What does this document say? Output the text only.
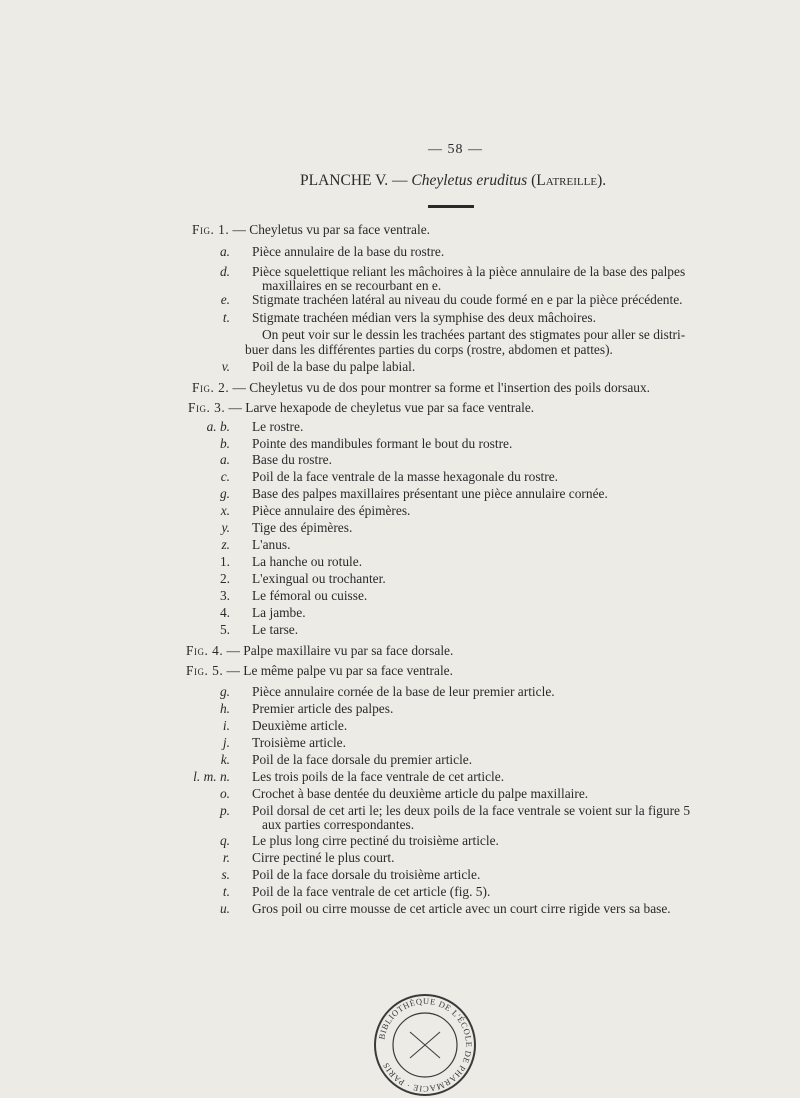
— 58 —
PLANCHE V. — Cheyletus eruditus (Latreille).
Fig. 1. — Cheyletus vu par sa face ventrale.
a. Pièce annulaire de la base du rostre.
d. Pièce squelettique reliant les mâchoires à la pièce annulaire de la base des palpes
maxillaires en se recourbant en e.
e. Stigmate trachéen latéral au niveau du coude formé en e par la pièce précédente.
t. Stigmate trachéen médian vers la symphise des deux mâchoires.
On peut voir sur le dessin les trachées partant des stigmates pour aller se distri-
buer dans les différentes parties du corps (rostre, abdomen et pattes).
v. Poil de la base du palpe labial.
Fig. 2. — Cheyletus vu de dos pour montrer sa forme et l'insertion des poils dorsaux.
Fig. 3. — Larve hexapode de cheyletus vue par sa face ventrale.
a. b. Le rostre.
b. Pointe des mandibules formant le bout du rostre.
a. Base du rostre.
c. Poil de la face ventrale de la masse hexagonale du rostre.
g. Base des palpes maxillaires présentant une pièce annulaire cornée.
x. Pièce annulaire des épimères.
y. Tige des épimères.
z. L'anus.
1. La hanche ou rotule.
2. L'exingual ou trochanter.
3. Le fémoral ou cuisse.
4. La jambe.
5. Le tarse.
Fig. 4. — Palpe maxillaire vu par sa face dorsale.
Fig. 5. — Le même palpe vu par sa face ventrale.
g. Pièce annulaire cornée de la base de leur premier article.
h. Premier article des palpes.
i. Deuxième article.
j. Troisième article.
k. Poil de la face dorsale du premier article.
l. m. n. Les trois poils de la face ventrale de cet article.
o. Crochet à base dentée du deuxième article du palpe maxillaire.
p. Poil dorsal de cet arti le; les deux poils de la face ventrale se voient sur la figure 5
aux parties correspondantes.
q. Le plus long cirre pectiné du troisième article.
r. Cirre pectiné le plus court.
s. Poil de la face dorsale du troisième article.
t. Poil de la face ventrale de cet article (fig. 5).
u. Gros poil ou cirre mousse de cet article avec un court cirre rigide vers sa base.
BIBLIOTHÈQUE DE L'ÉCOLE DE PHARMACIE · PARIS
